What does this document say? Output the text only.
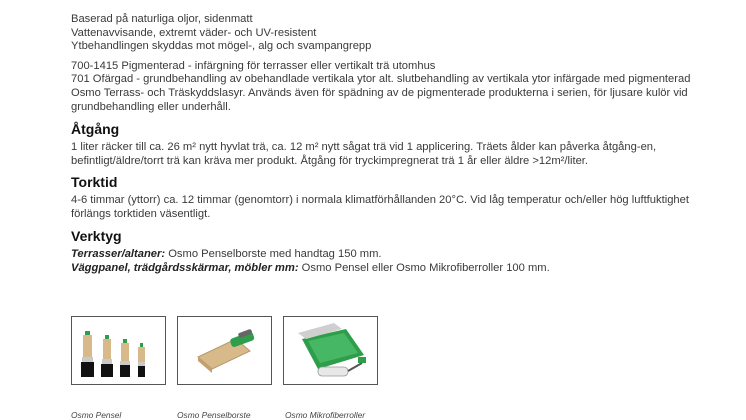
Baserad på naturliga oljor, sidenmatt

Vattenavvisande, extremt väder- och UV-resistent

Ytbehandlingen skyddas mot mögel-, alg och svampangrepp

700-1415 Pigmenterad - infärgning för terrasser eller vertikalt trä utomhus

701 Ofärgad - grundbehandling av obehandlade vertikala ytor alt. slutbehandling av vertikala ytor infärgade med pigmenterad Osmo Terrass- och Träskyddslasyr. Används även för spädning av de pigmenterade produkterna i serien, för ljusare kulör vid grundbehandling eller underhåll.

Åtgång

1 liter räcker till ca. 26 m² nytt hyvlat trä, ca. 12 m² nytt sågat trä vid 1 applicering. Träets ålder kan påverka åtgång-en, befintligt/äldre/torrt trä kan kräva mer produkt. Åtgång för tryckimpregnerat trä 1 år eller äldre >12m²/liter.

Torktid

4-6 timmar (yttorr) ca. 12 timmar (genomtorr) i normala klimatförhållanden 20°C. Vid låg temperatur och/eller hög luftfuktighet förlängs torktiden väsentligt.

Verktyg

Terrasser/altaner: Osmo Penselborste med handtag 150 mm.

Väggpanel, trädgårdsskärmar, möbler mm: Osmo Pensel eller Osmo Mikrofiberroller 100 mm.

Osmo Pensel	Osmo Penselborste	Osmo Mikrofiberroller
